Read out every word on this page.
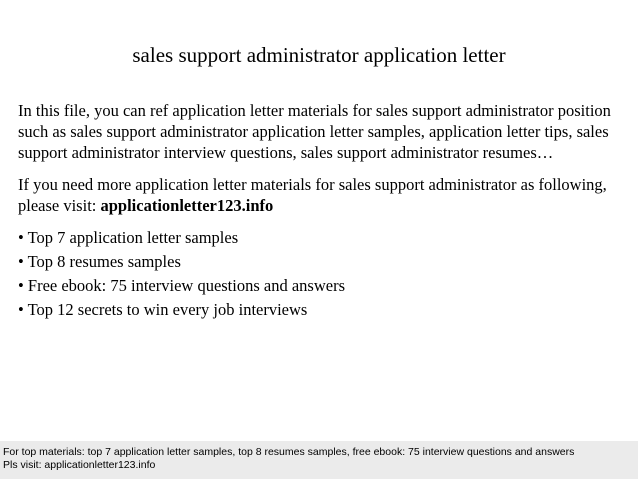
sales support administrator application letter

In this file, you can ref application letter materials for sales support administrator position such as sales support administrator application letter samples, application letter tips, sales support administrator interview questions, sales support administrator resumes…

If you need more application letter materials for sales support administrator as following, please visit: applicationletter123.info

• Top 7 application letter samples
• Top 8 resumes samples
• Free ebook: 75 interview questions and answers
• Top 12 secrets to win every job interviews
For top materials: top 7 application letter samples, top 8 resumes samples, free ebook: 75 interview questions and answers
Pls visit: applicationletter123.info
